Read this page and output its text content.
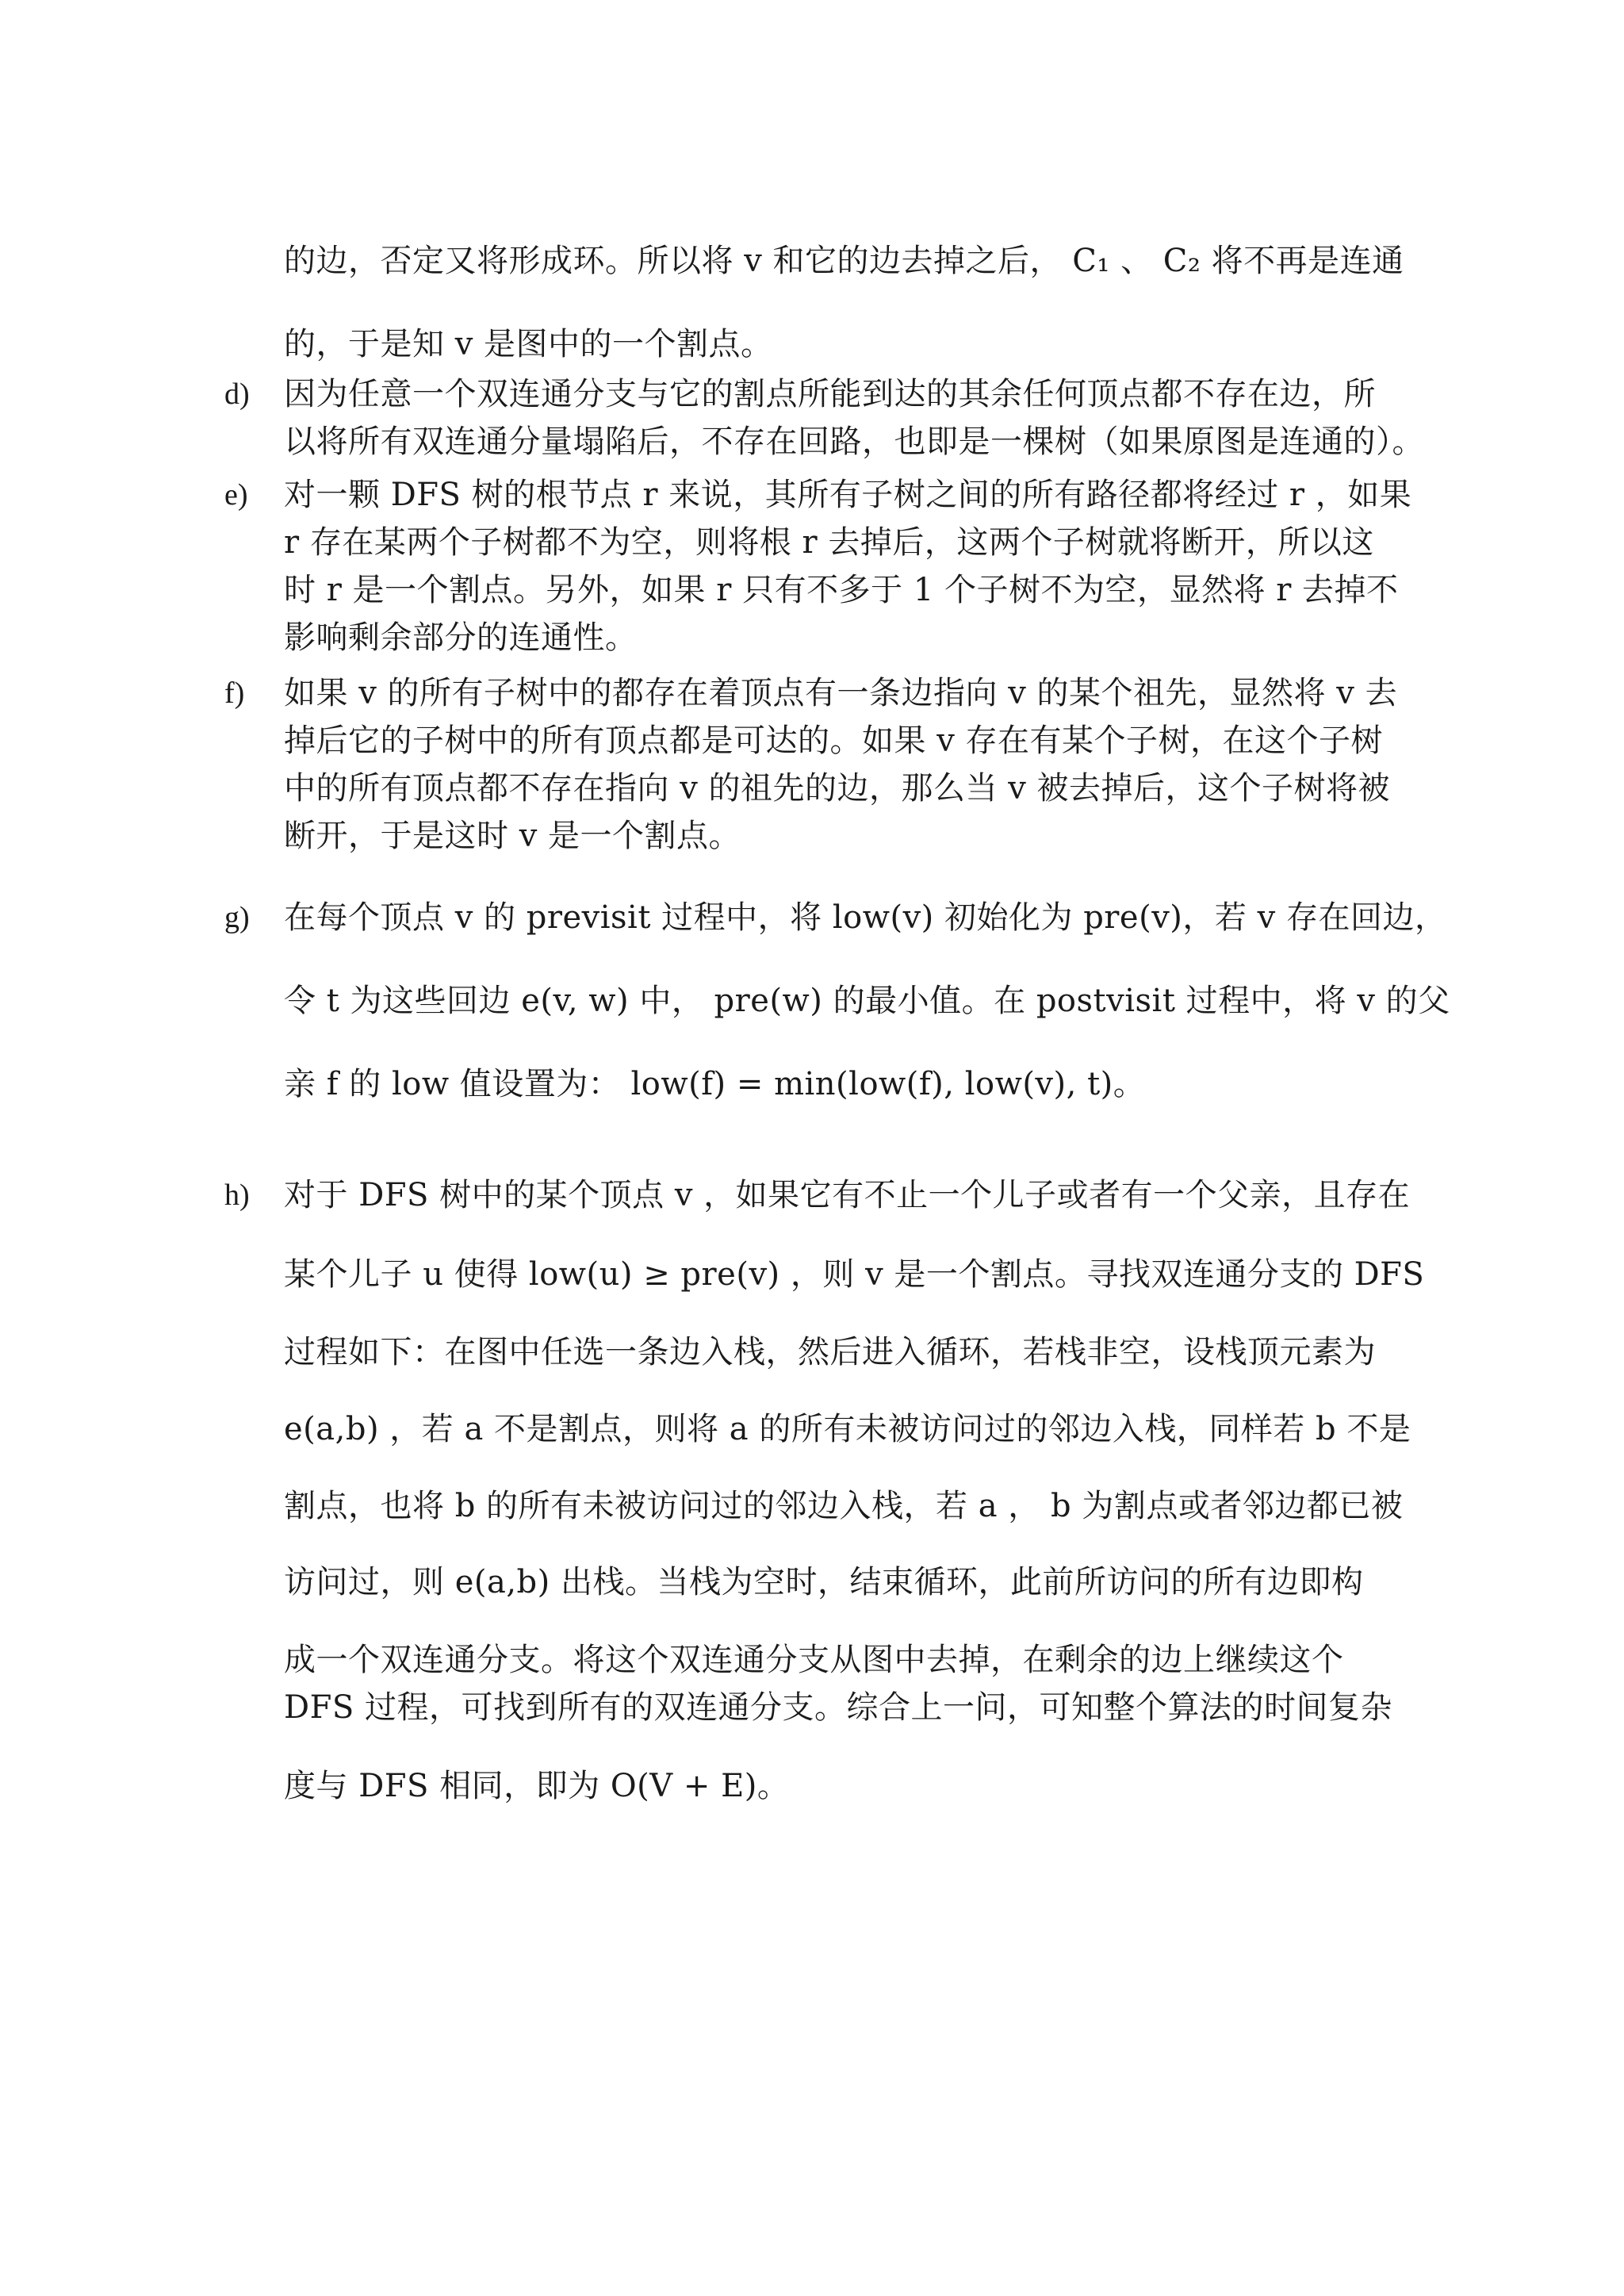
的边，否定又将形成环。所以将 v 和它的边去掉之后， C₁ 、 C₂ 将不再是连通
的，于是知 v 是图中的一个割点。
d) 因为任意一个双连通分支与它的割点所能到达的其余任何顶点都不存在边，所
以将所有双连通分量塌陷后，不存在回路，也即是一棵树（如果原图是连通的）。
e) 对一颗 DFS 树的根节点 r 来说，其所有子树之间的所有路径都将经过 r ，如果
r 存在某两个子树都不为空，则将根 r 去掉后，这两个子树就将断开，所以这
时 r 是一个割点。另外，如果 r 只有不多于 1 个子树不为空，显然将 r 去掉不
影响剩余部分的连通性。
f) 如果 v 的所有子树中的都存在着顶点有一条边指向 v 的某个祖先，显然将 v 去
掉后它的子树中的所有顶点都是可达的。如果 v 存在有某个子树，在这个子树
中的所有顶点都不存在指向 v 的祖先的边，那么当 v 被去掉后，这个子树将被
断开，于是这时 v 是一个割点。
g) 在每个顶点 v 的 previsit 过程中，将 low(v) 初始化为 pre(v)，若 v 存在回边，
令 t 为这些回边 e(v, w) 中， pre(w) 的最小值。在 postvisit 过程中，将 v 的父
亲 f 的 low 值设置为： low(f) = min(low(f), low(v), t)。
h) 对于 DFS 树中的某个顶点 v ，如果它有不止一个儿子或者有一个父亲，且存在
某个儿子 u 使得 low(u) ≥ pre(v) ，则 v 是一个割点。寻找双连通分支的 DFS
过程如下：在图中任选一条边入栈，然后进入循环，若栈非空，设栈顶元素为
e(a,b) ，若 a 不是割点，则将 a 的所有未被访问过的邻边入栈，同样若 b 不是
割点，也将 b 的所有未被访问过的邻边入栈，若 a ， b 为割点或者邻边都已被
访问过，则 e(a,b) 出栈。当栈为空时，结束循环，此前所访问的所有边即构
成一个双连通分支。将这个双连通分支从图中去掉，在剩余的边上继续这个
DFS 过程，可找到所有的双连通分支。综合上一问，可知整个算法的时间复杂
度与 DFS 相同，即为 O(V + E)。
